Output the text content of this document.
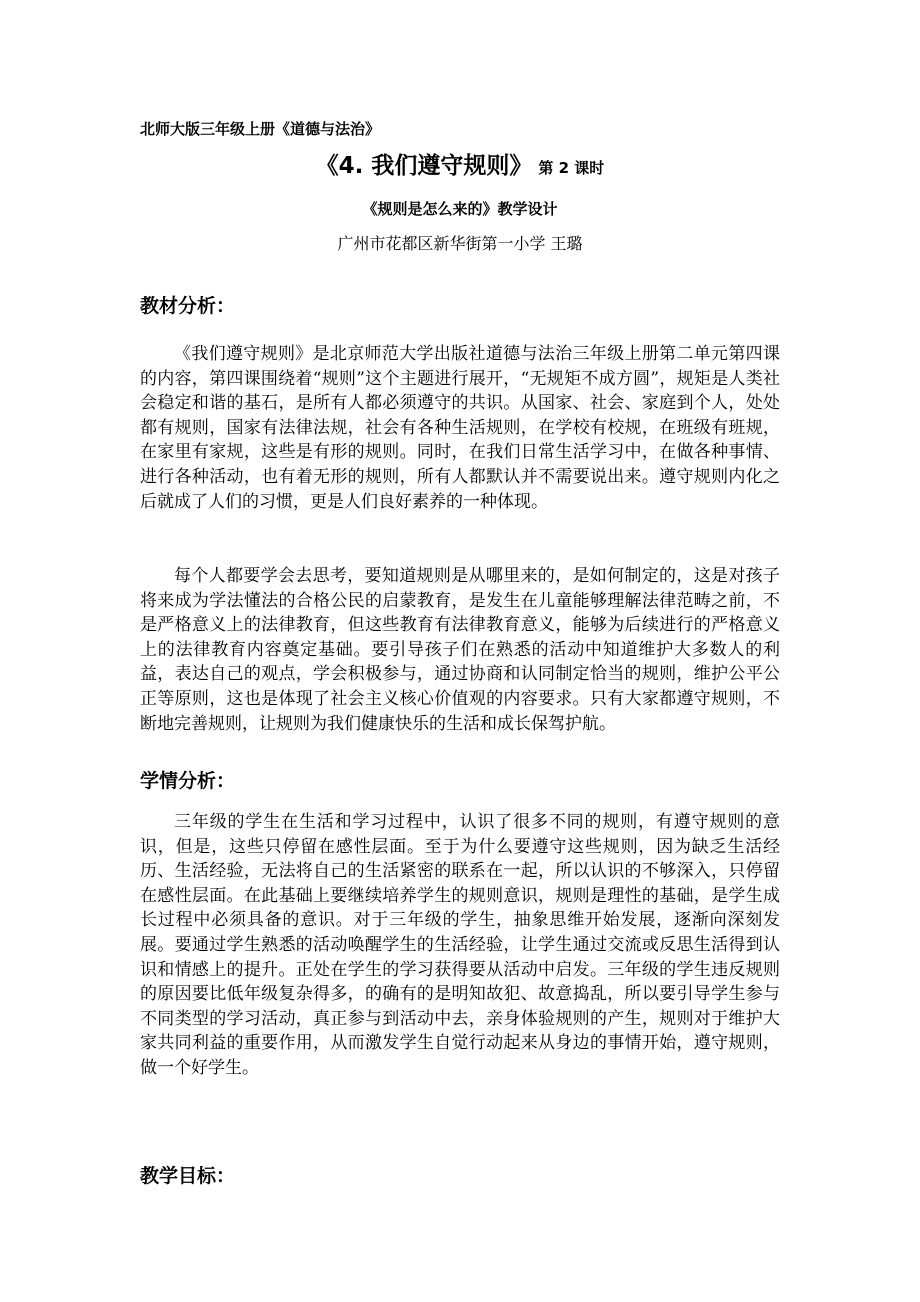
北师大版三年级上册《道德与法治》
《4. 我们遵守规则》 第 2 课时
《规则是怎么来的》教学设计
广州市花都区新华街第一小学 王璐
教材分析：

《我们遵守规则》是北京师范大学出版社道德与法治三年级上册第二单元第四课的内容，第四课围绕着“规则”这个主题进行展开，“无规矩不成方圆”，规矩是人类社会稳定和谐的基石，是所有人都必须遵守的共识。从国家、社会、家庭到个人，处处都有规则，国家有法律法规，社会有各种生活规则，在学校有校规，在班级有班规，在家里有家规，这些是有形的规则。同时，在我们日常生活学习中，在做各种事情、进行各种活动，也有着无形的规则，所有人都默认并不需要说出来。遵守规则内化之后就成了人们的习惯，更是人们良好素养的一种体现。

每个人都要学会去思考，要知道规则是从哪里来的，是如何制定的，这是对孩子将来成为学法懂法的合格公民的启蒙教育，是发生在儿童能够理解法律范畴之前，不是严格意义上的法律教育，但这些教育有法律教育意义，能够为后续进行的严格意义上的法律教育内容奠定基础。要引导孩子们在熟悉的活动中知道维护大多数人的利益，表达自己的观点，学会积极参与，通过协商和认同制定恰当的规则，维护公平公正等原则，这也是体现了社会主义核心价值观的内容要求。只有大家都遵守规则，不断地完善规则，让规则为我们健康快乐的生活和成长保驾护航。

学情分析：

三年级的学生在生活和学习过程中，认识了很多不同的规则，有遵守规则的意识，但是，这些只停留在感性层面。至于为什么要遵守这些规则，因为缺乏生活经历、生活经验，无法将自己的生活紧密的联系在一起，所以认识的不够深入，只停留在感性层面。在此基础上要继续培养学生的规则意识，规则是理性的基础，是学生成长过程中必须具备的意识。对于三年级的学生，抽象思维开始发展，逐渐向深刻发展。要通过学生熟悉的活动唤醒学生的生活经验，让学生通过交流或反思生活得到认识和情感上的提升。正处在学生的学习获得要从活动中启发。三年级的学生违反规则的原因要比低年级复杂得多，的确有的是明知故犯、故意捣乱，所以要引导学生参与不同类型的学习活动，真正参与到活动中去，亲身体验规则的产生，规则对于维护大家共同利益的重要作用，从而激发学生自觉行动起来从身边的事情开始，遵守规则，做一个好学生。

教学目标：
